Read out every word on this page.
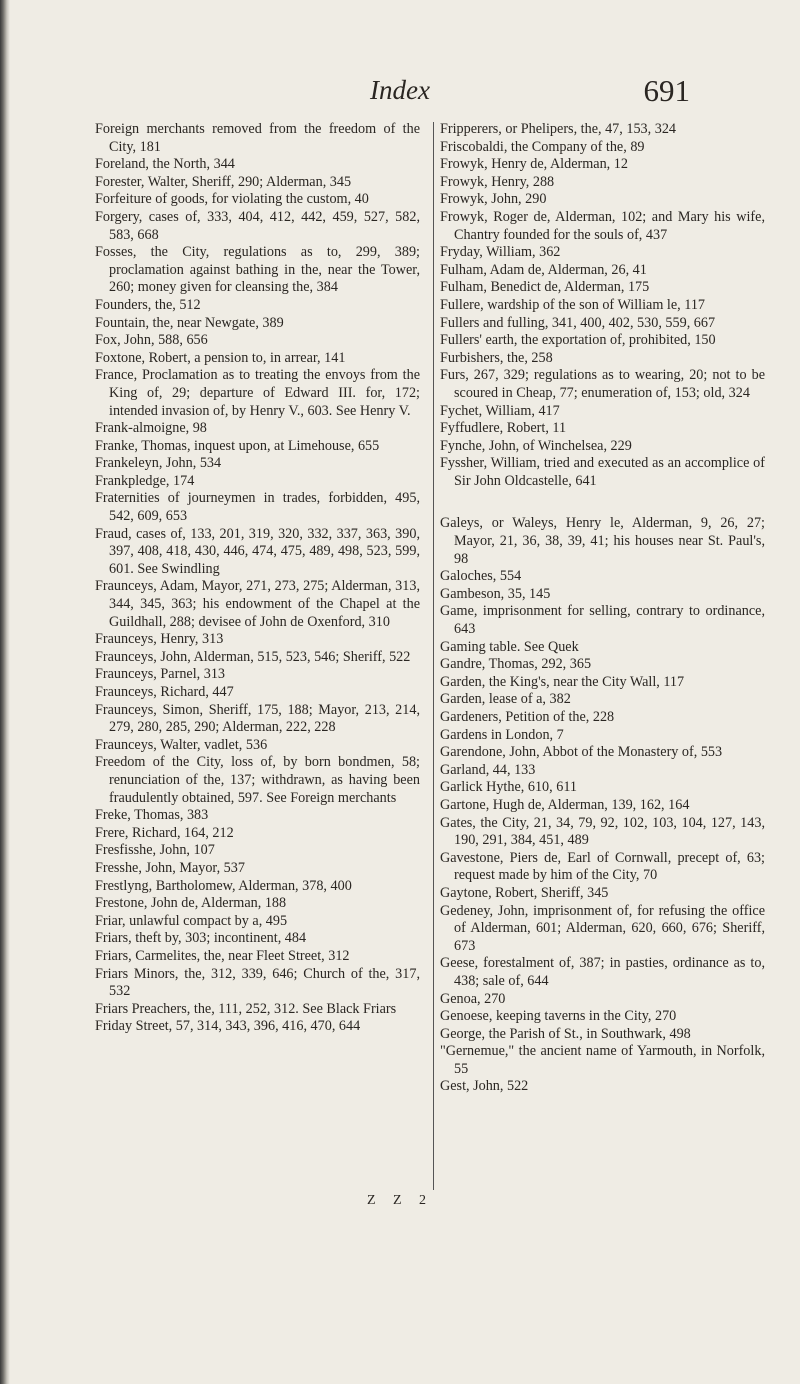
Index	691

Foreign merchants removed from the freedom of the City, 181

Foreland, the North, 344

Forester, Walter, Sheriff, 290; Alderman, 345

Forfeiture of goods, for violating the custom, 40

Forgery, cases of, 333, 404, 412, 442, 459, 527, 582, 583, 668

Fosses, the City, regulations as to, 299, 389; proclamation against bathing in the, near the Tower, 260; money given for cleansing the, 384

Founders, the, 512

Fountain, the, near Newgate, 389

Fox, John, 588, 656

Foxtone, Robert, a pension to, in arrear, 141

France, Proclamation as to treating the envoys from the King of, 29; departure of Edward III. for, 172; intended invasion of, by Henry V., 603. See Henry V.

Frank-almoigne, 98

Franke, Thomas, inquest upon, at Limehouse, 655

Frankeleyn, John, 534

Frankpledge, 174

Fraternities of journeymen in trades, forbidden, 495, 542, 609, 653

Fraud, cases of, 133, 201, 319, 320, 332, 337, 363, 390, 397, 408, 418, 430, 446, 474, 475, 489, 498, 523, 599, 601. See Swindling

Fraunceys, Adam, Mayor, 271, 273, 275; Alderman, 313, 344, 345, 363; his endowment of the Chapel at the Guildhall, 288; devisee of John de Oxenford, 310

Fraunceys, Henry, 313

Fraunceys, John, Alderman, 515, 523, 546; Sheriff, 522

Fraunceys, Parnel, 313

Fraunceys, Richard, 447

Fraunceys, Simon, Sheriff, 175, 188; Mayor, 213, 214, 279, 280, 285, 290; Alderman, 222, 228

Fraunceys, Walter, vadlet, 536

Freedom of the City, loss of, by born bondmen, 58; renunciation of the, 137; withdrawn, as having been fraudulently obtained, 597. See Foreign merchants

Freke, Thomas, 383

Frere, Richard, 164, 212

Fresfisshe, John, 107

Fresshe, John, Mayor, 537

Frestlyng, Bartholomew, Alderman, 378, 400

Frestone, John de, Alderman, 188

Friar, unlawful compact by a, 495

Friars, theft by, 303; incontinent, 484

Friars, Carmelites, the, near Fleet Street, 312

Friars Minors, the, 312, 339, 646; Church of the, 317, 532

Friars Preachers, the, 111, 252, 312. See Black Friars

Friday Street, 57, 314, 343, 396, 416, 470, 644

Fripperers, or Phelipers, the, 47, 153, 324

Friscobaldi, the Company of the, 89

Frowyk, Henry de, Alderman, 12

Frowyk, Henry, 288

Frowyk, John, 290

Frowyk, Roger de, Alderman, 102; and Mary his wife, Chantry founded for the souls of, 437

Fryday, William, 362

Fulham, Adam de, Alderman, 26, 41

Fulham, Benedict de, Alderman, 175

Fullere, wardship of the son of William le, 117

Fullers and fulling, 341, 400, 402, 530, 559, 667

Fullers' earth, the exportation of, prohibited, 150

Furbishers, the, 258

Furs, 267, 329; regulations as to wearing, 20; not to be scoured in Cheap, 77; enumeration of, 153; old, 324

Fychet, William, 417

Fyffudlere, Robert, 11

Fynche, John, of Winchelsea, 229

Fyssher, William, tried and executed as an accomplice of Sir John Oldcastelle, 641

Galeys, or Waleys, Henry le, Alderman, 9, 26, 27; Mayor, 21, 36, 38, 39, 41; his houses near St. Paul's, 98

Galoches, 554

Gambeson, 35, 145

Game, imprisonment for selling, contrary to ordinance, 643

Gaming table. See Quek

Gandre, Thomas, 292, 365

Garden, the King's, near the City Wall, 117

Garden, lease of a, 382

Gardeners, Petition of the, 228

Gardens in London, 7

Garendone, John, Abbot of the Monastery of, 553

Garland, 44, 133

Garlick Hythe, 610, 611

Gartone, Hugh de, Alderman, 139, 162, 164

Gates, the City, 21, 34, 79, 92, 102, 103, 104, 127, 143, 190, 291, 384, 451, 489

Gavestone, Piers de, Earl of Cornwall, precept of, 63; request made by him of the City, 70

Gaytone, Robert, Sheriff, 345

Gedeney, John, imprisonment of, for refusing the office of Alderman, 601; Alderman, 620, 660, 676; Sheriff, 673

Geese, forestalment of, 387; in pasties, ordinance as to, 438; sale of, 644

Genoa, 270

Genoese, keeping taverns in the City, 270

George, the Parish of St., in Southwark, 498

"Gernemue," the ancient name of Yarmouth, in Norfolk, 55

Gest, John, 522

Z Z 2
